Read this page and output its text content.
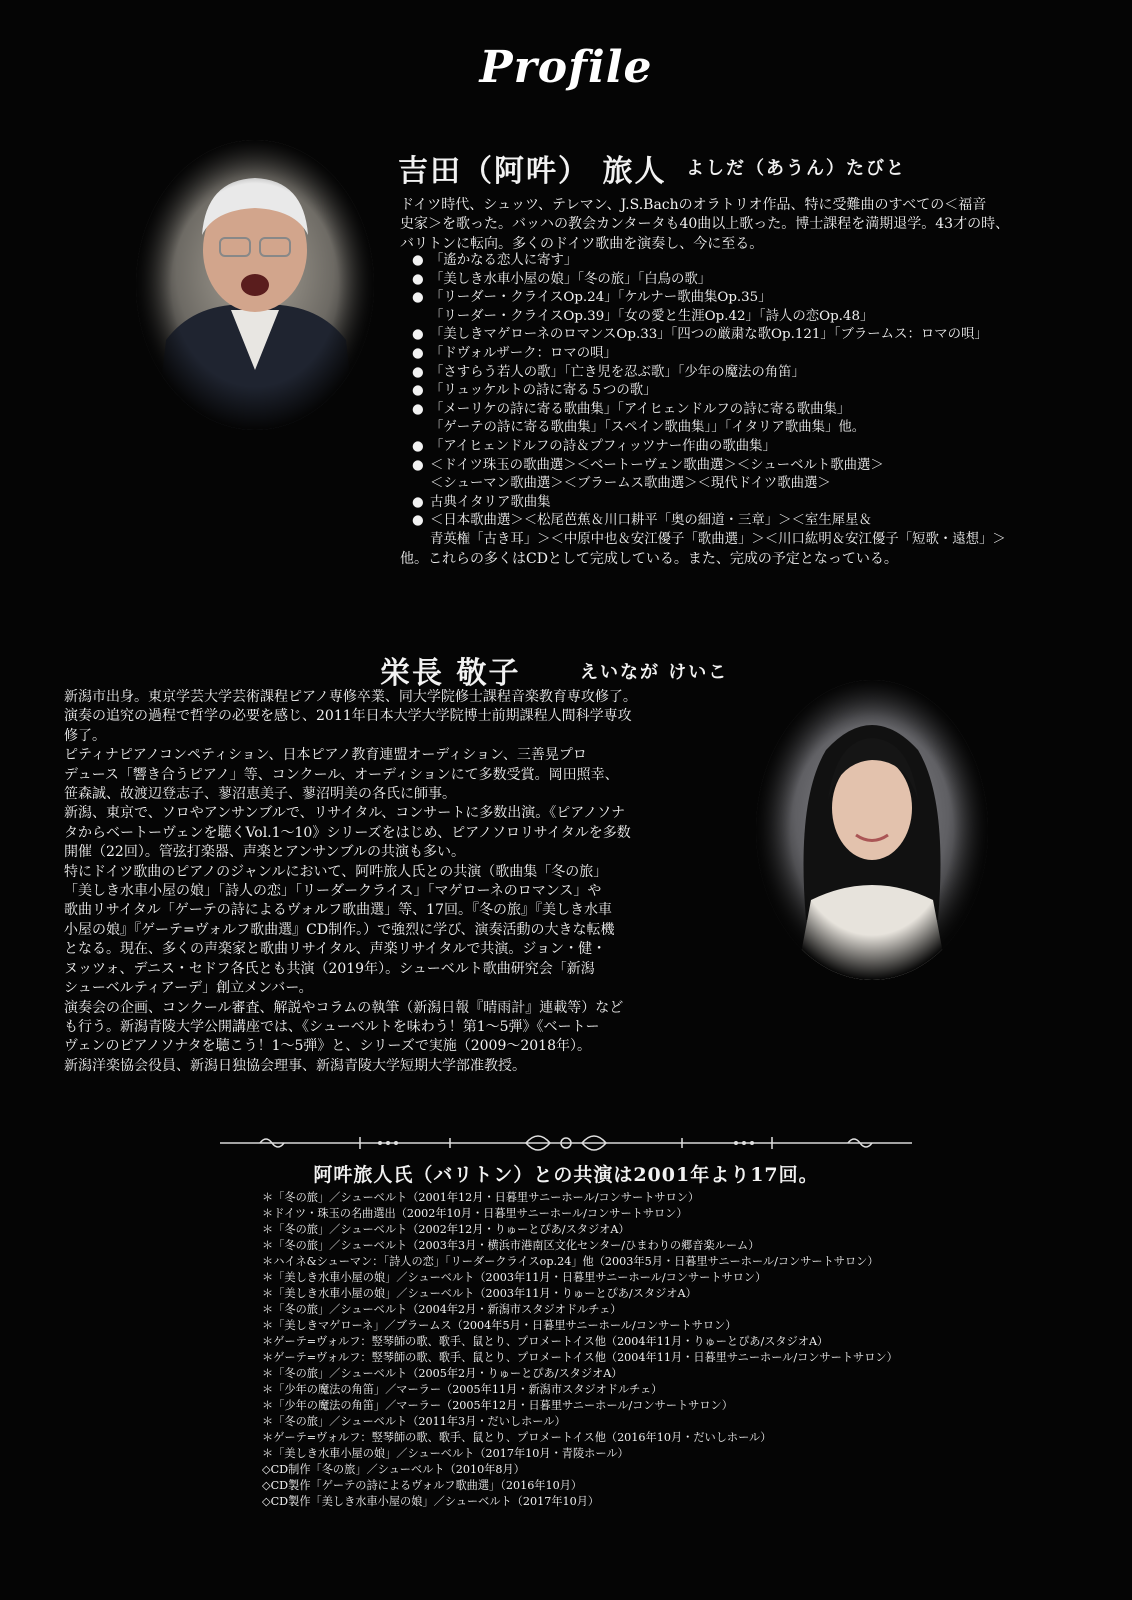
Profile
吉田（阿吽） 旅人 よしだ（あうん）たびと

ドイツ時代、シュッツ、テレマン、J.S.Bachのオラトリオ作品、特に受難曲のすべての＜福音

史家＞を歌った。バッハの教会カンタータも40曲以上歌った。博士課程を満期退学。43才の時、

バリトンに転向。多くのドイツ歌曲を演奏し、今に至る。

● 「遙かなる恋人に寄す」
● 「美しき水車小屋の娘」「冬の旅」「白鳥の歌」
● 「リーダー・クライスOp.24」「ケルナー歌曲集Op.35」
「リーダー・クライスOp.39」「女の愛と生涯Op.42」「詩人の恋Op.48」
● 「美しきマゲローネのロマンスOp.33」「四つの厳粛な歌Op.121」「ブラームス：ロマの唄」
● 「ドヴォルザーク：ロマの唄」
● 「さすらう若人の歌」「亡き児を忍ぶ歌」「少年の魔法の角笛」
● 「リュッケルトの詩に寄る５つの歌」
● 「メーリケの詩に寄る歌曲集」「アイヒェンドルフの詩に寄る歌曲集」
「ゲーテの詩に寄る歌曲集」「スペイン歌曲集」」「イタリア歌曲集」他。
● 「アイヒェンドルフの詩＆プフィッツナー作曲の歌曲集」
● ＜ドイツ珠玉の歌曲選＞＜ベートーヴェン歌曲選＞＜シューベルト歌曲選＞
＜シューマン歌曲選＞＜ブラームス歌曲選＞＜現代ドイツ歌曲選＞
● 古典イタリア歌曲集
● ＜日本歌曲選＞＜松尾芭蕉＆川口耕平「奥の細道・三章」＞＜室生犀星＆
青英権「古き耳」＞＜中原中也＆安江優子「歌曲選」＞＜川口紘明＆安江優子「短歌・遠想」＞

他。これらの多くはCDとして完成している。また、完成の予定となっている。

栄長 敬子	えいなが けいこ

新潟市出身。東京学芸大学芸術課程ピアノ専修卒業、同大学院修士課程音楽教育専攻修了。

演奏の追究の過程で哲学の必要を感じ、2011年日本大学大学院博士前期課程人間科学専攻

修了。

ピティナピアノコンペティション、日本ピアノ教育連盟オーディション、三善晃プロ

デュース「響き合うピアノ」等、コンクール、オーディションにて多数受賞。岡田照幸、

笹森誠、故渡辺登志子、蓼沼恵美子、蓼沼明美の各氏に師事。

新潟、東京で、ソロやアンサンブルで、リサイタル、コンサートに多数出演。《ピアノソナ

タからベートーヴェンを聴くVol.1～10》シリーズをはじめ、ピアノソロリサイタルを多数

開催（22回）。管弦打楽器、声楽とアンサンブルの共演も多い。

特にドイツ歌曲のピアノのジャンルにおいて、阿吽旅人氏との共演（歌曲集「冬の旅」

「美しき水車小屋の娘」「詩人の恋」「リーダークライス」「マゲローネのロマンス」や

歌曲リサイタル「ゲーテの詩によるヴォルフ歌曲選」等、17回。『冬の旅』『美しき水車

小屋の娘』『ゲーテ=ヴォルフ歌曲選』CD制作。）で強烈に学び、演奏活動の大きな転機

となる。現在、多くの声楽家と歌曲リサイタル、声楽リサイタルで共演。ジョン・健・

ヌッツォ、デニス・セドフ各氏とも共演（2019年）。シューベルト歌曲研究会「新潟

シューベルティアーデ」創立メンバー。

演奏会の企画、コンクール審査、解説やコラムの執筆（新潟日報『晴雨計』連載等）など

も行う。新潟青陵大学公開講座では、《シューベルトを味わう！第1～5弾》《ベートー

ヴェンのピアノソナタを聴こう！1～5弾》と、シリーズで実施（2009～2018年）。

新潟洋楽協会役員、新潟日独協会理事、新潟青陵大学短期大学部准教授。

阿吽旅人氏（バリトン）との共演は2001年より17回。
＊「冬の旅」／シューベルト（2001年12月・日暮里サニーホール/コンサートサロン）
＊ドイツ・珠玉の名曲選出（2002年10月・日暮里サニーホール/コンサートサロン）
＊「冬の旅」／シューベルト（2002年12月・りゅーとぴあ/スタジオA）
＊「冬の旅」／シューベルト（2003年3月・横浜市港南区文化センター/ひまわりの郷音楽ルーム）
＊ハイネ&シューマン：「詩人の恋」「リーダークライスop.24」他（2003年5月・日暮里サニーホール/コンサートサロン）
＊「美しき水車小屋の娘」／シューベルト（2003年11月・日暮里サニーホール/コンサートサロン）
＊「美しき水車小屋の娘」／シューベルト（2003年11月・りゅーとぴあ/スタジオA）
＊「冬の旅」／シューベルト（2004年2月・新潟市スタジオドルチェ）
＊「美しきマゲローネ」／ブラームス（2004年5月・日暮里サニーホール/コンサートサロン）
＊ゲーテ=ヴォルフ：竪琴師の歌、歌手、鼠とり、プロメートイス他（2004年11月・りゅーとぴあ/スタジオA）
＊ゲーテ=ヴォルフ：竪琴師の歌、歌手、鼠とり、プロメートイス他（2004年11月・日暮里サニーホール/コンサートサロン）
＊「冬の旅」／シューベルト（2005年2月・りゅーとぴあ/スタジオA）
＊「少年の魔法の角笛」／マーラー（2005年11月・新潟市スタジオドルチェ）
＊「少年の魔法の角笛」／マーラー（2005年12月・日暮里サニーホール/コンサートサロン）
＊「冬の旅」／シューベルト（2011年3月・だいしホール）
＊ゲーテ=ヴォルフ：竪琴師の歌、歌手、鼠とり、プロメートイス他（2016年10月・だいしホール）
＊「美しき水車小屋の娘」／シューベルト（2017年10月・青陵ホール）
◇CD制作「冬の旅」／シューベルト（2010年8月）
◇CD製作「ゲーテの詩によるヴォルフ歌曲選」（2016年10月）
◇CD製作「美しき水車小屋の娘」／シューベルト（2017年10月）
